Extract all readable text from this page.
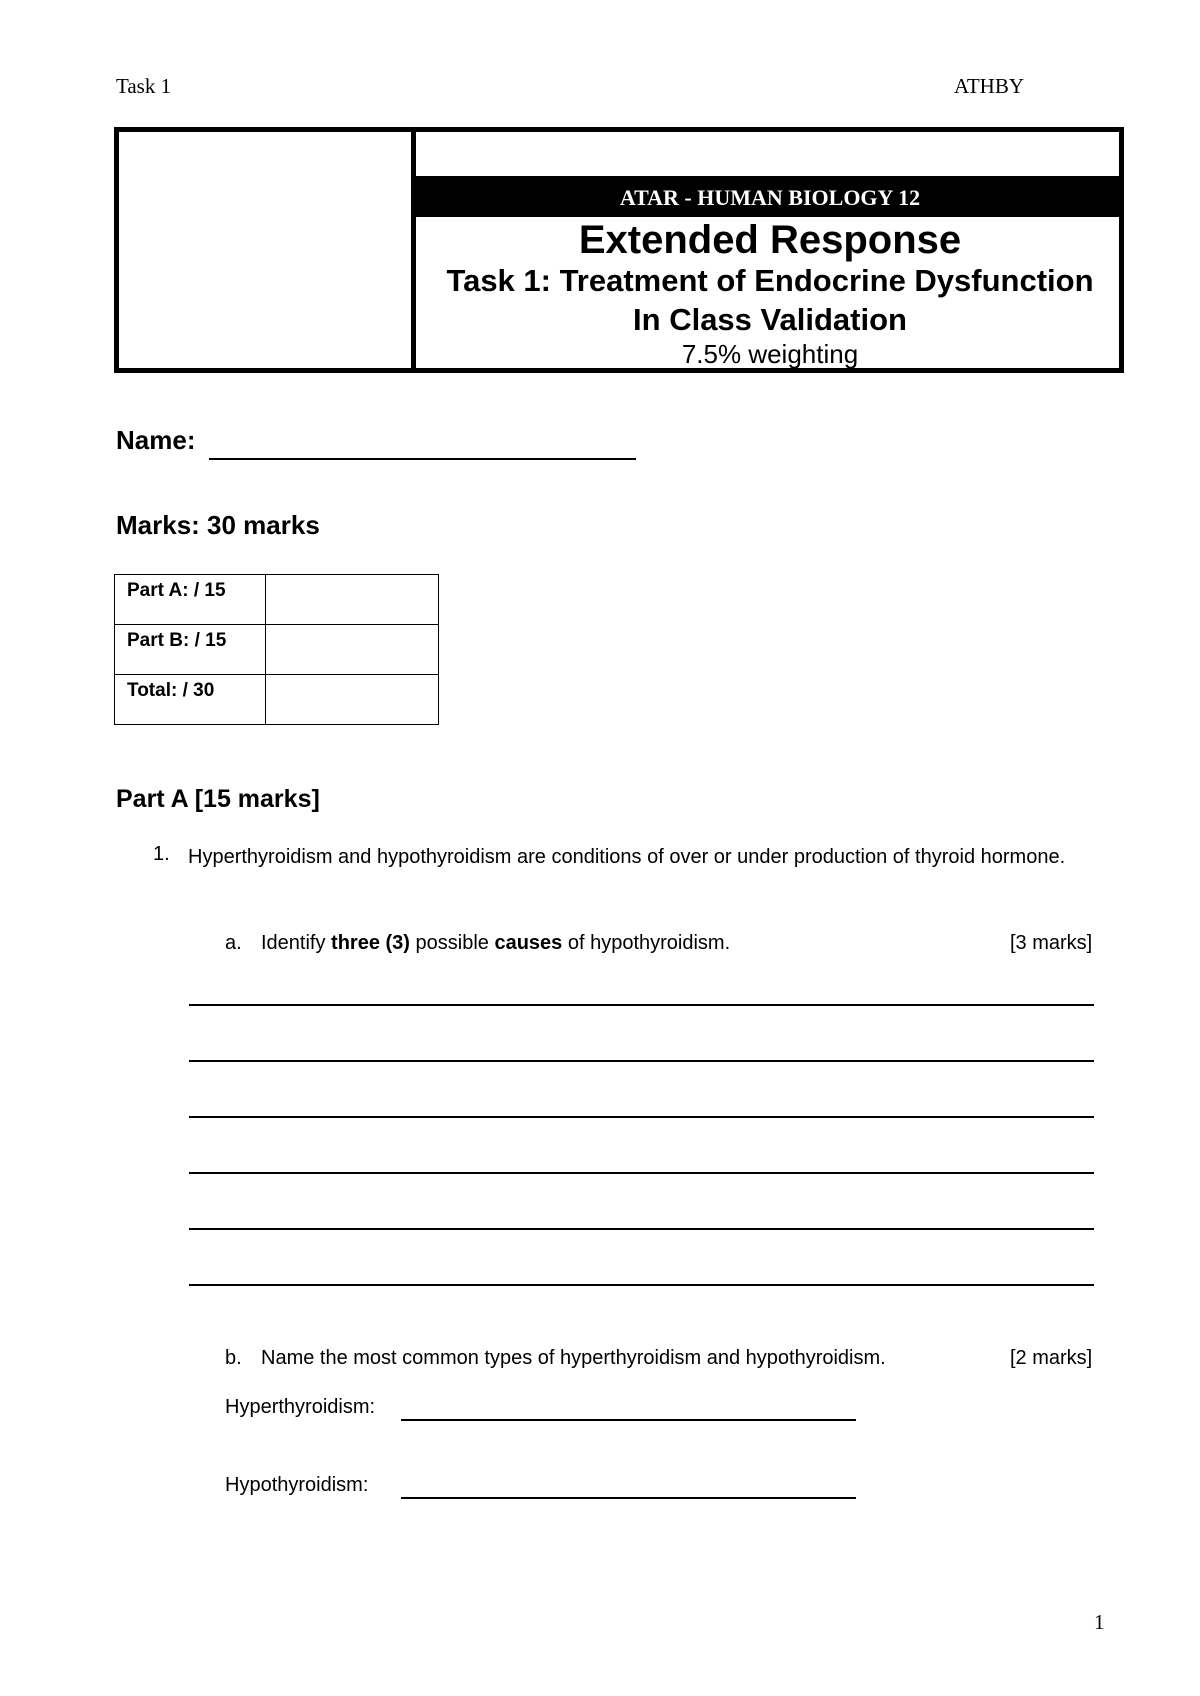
Task 1	ATHBY
ATAR - HUMAN BIOLOGY 12
Extended Response
Task 1: Treatment of Endocrine Dysfunction
In Class Validation
7.5% weighting
Name:
Marks: 30 marks
Part A: / 15	
Part B: / 15	
Total: / 30	
Part A [15 marks]
1. Hyperthyroidism and hypothyroidism are conditions of over or under production of thyroid hormone.
a. Identify three (3) possible causes of hypothyroidism.	[3 marks]
b. Name the most common types of hyperthyroidism and hypothyroidism.	[2 marks]
Hyperthyroidism:
Hypothyroidism:
1
